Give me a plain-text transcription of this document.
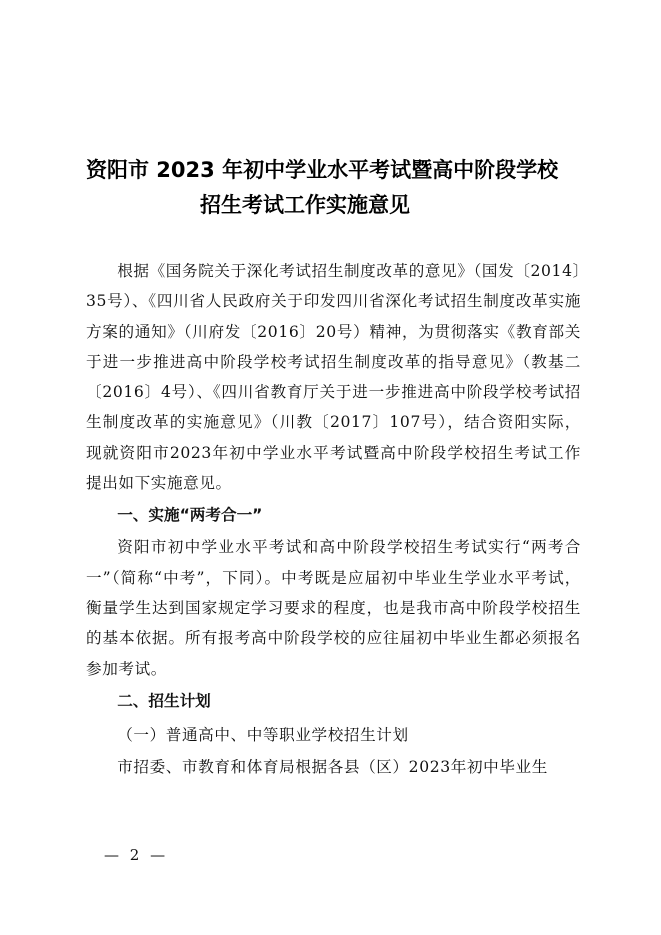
资阳市 2023 年初中学业水平考试暨高中阶段学校
招生考试工作实施意见

根据《国务院关于深化考试招生制度改革的意见》（国发〔2014〕35号）、《四川省人民政府关于印发四川省深化考试招生制度改革实施方案的通知》（川府发〔2016〕20号）精神，为贯彻落实《教育部关于进一步推进高中阶段学校考试招生制度改革的指导意见》（教基二〔2016〕4号）、《四川省教育厅关于进一步推进高中阶段学校考试招生制度改革的实施意见》（川教〔2017〕107号），结合资阳实际，现就资阳市2023年初中学业水平考试暨高中阶段学校招生考试工作提出如下实施意见。

一、实施“两考合一”

资阳市初中学业水平考试和高中阶段学校招生考试实行“两考合一”（简称“中考”，下同）。中考既是应届初中毕业生学业水平考试，衡量学生达到国家规定学习要求的程度，也是我市高中阶段学校招生的基本依据。所有报考高中阶段学校的应往届初中毕业生都必须报名参加考试。

二、招生计划

（一）普通高中、中等职业学校招生计划

市招委、市教育和体育局根据各县（区）2023年初中毕业生

— 2 —
